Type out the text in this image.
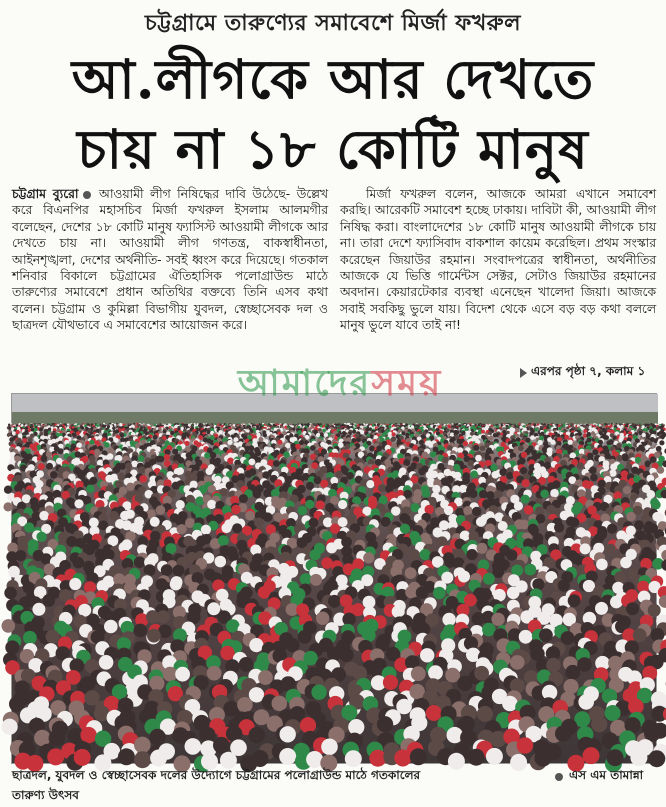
চট্টগ্রামে তারুণ্যের সমাবেশে মির্জা ফখরুল
আ.লীগকে আর দেখতে
চায় না ১৮ কোটি মানুষ
চট্টগ্রাম ব্যুরো আওয়ামী লীগ নিষিদ্ধের দাবি উঠেছে- উল্লেখ করে বিএনপির মহাসচিব মির্জা ফখরুল ইসলাম আলমগীর বলেছেন, দেশের ১৮ কোটি মানুষ ফ্যাসিস্ট আওয়ামী লীগকে আর দেখতে চায় না। আওয়ামী লীগ গণতন্ত্র, বাকস্বাধীনতা, আইনশৃঙ্খলা, দেশের অর্থনীতি- সবই ধ্বংস করে দিয়েছে। গতকাল শনিবার বিকালে চট্টগ্রামের ঐতিহাসিক পলোগ্রাউন্ড মাঠে তারুণ্যের সমাবেশে প্রধান অতিথির বক্তব্যে তিনি এসব কথা বলেন। চট্টগ্রাম ও কুমিল্লা বিভাগীয় যুবদল, স্বেচ্ছাসেবক দল ও ছাত্রদল যৌথভাবে এ সমাবেশের আয়োজন করে।
মির্জা ফখরুল বলেন, আজকে আমরা এখানে সমাবেশ করছি। আরেকটি সমাবেশ হচ্ছে ঢাকায়। দাবিটা কী, আওয়ামী লীগ নিষিদ্ধ করা। বাংলাদেশের ১৮ কোটি মানুষ আওয়ামী লীগকে চায় না। তারা দেশে ফ্যাসিবাদ বাকশাল কায়েম করেছিল। প্রথম সংস্কার করেছেন জিয়াউর রহমান। সংবাদপত্রের স্বাধীনতা, অর্থনীতির আজকে যে ভিত্তি গার্মেন্টস সেক্টর, সেটাও জিয়াউর রহমানের অবদান। কেয়ারটেকার ব্যবস্থা এনেছেন খালেদা জিয়া। আজকে সবাই সবকিছু ভুলে যায়। বিদেশ থেকে এসে বড় বড় কথা বললে মানুষ ভুলে যাবে তাই না!
এরপর পৃষ্ঠা ৭, কলাম ১
আমাদেরসময়
ছাত্রদল, যুবদল ও স্বেচ্ছাসেবক দলের উদ্যোগে চট্টগ্রামের পলোগ্রাউন্ড মাঠে গতকালের তারুণ্য উৎসব
এস এম তামান্না
